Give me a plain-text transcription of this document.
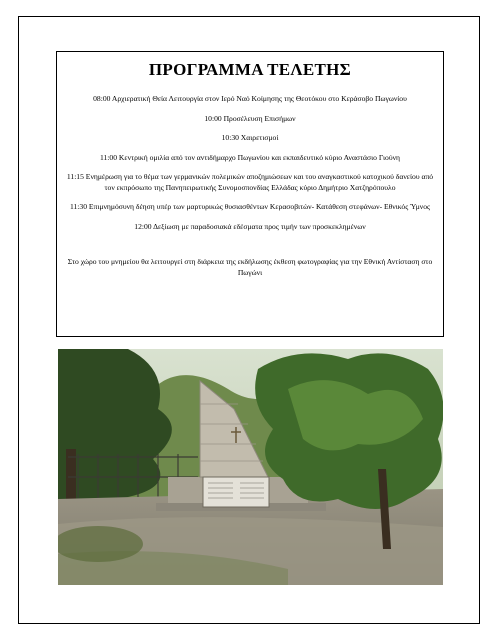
ΠΡΟΓΡΑΜΜΑ ΤΕΛΕΤΗΣ
08:00 Αρχιερατική Θεία Λειτουργία στον Ιερό Ναό Κοίμησης της Θεοτόκου στο Κεράσοβο Πωγωνίου
10:00 Προσέλευση Επισήμων
10:30 Χαιρετισμοί
11:00 Κεντρική ομιλία από τον αντιδήμαρχο Πωγωνίου και εκπαιδευτικό κύριο Αναστάσιο Γιούνη
11:15 Ενημέρωση για το θέμα των γερμανικών πολεμικών αποζημιώσεων και του αναγκαστικού κατοχικού δανείου από τον εκπρόσωπο της Πανηπειρωτικής Συνομοσπονδίας Ελλάδας κύριο Δημήτριο Χατζηρόπουλο
11:30 Επιμνημόσυνη δέηση υπέρ των μαρτυρικώς θυσιασθέντων Κερασοβιτών- Κατάθεση στεφάνων- Εθνικός Ύμνος
12:00 Δεξίωση με παραδοσιακά εδέσματα προς τιμήν των προσκεκλημένων
Στο χώρο του μνημείου θα λειτουργεί στη διάρκεια της εκδήλωσης έκθεση φωτογραφίας για την Εθνική Αντίσταση στο Πωγώνι
